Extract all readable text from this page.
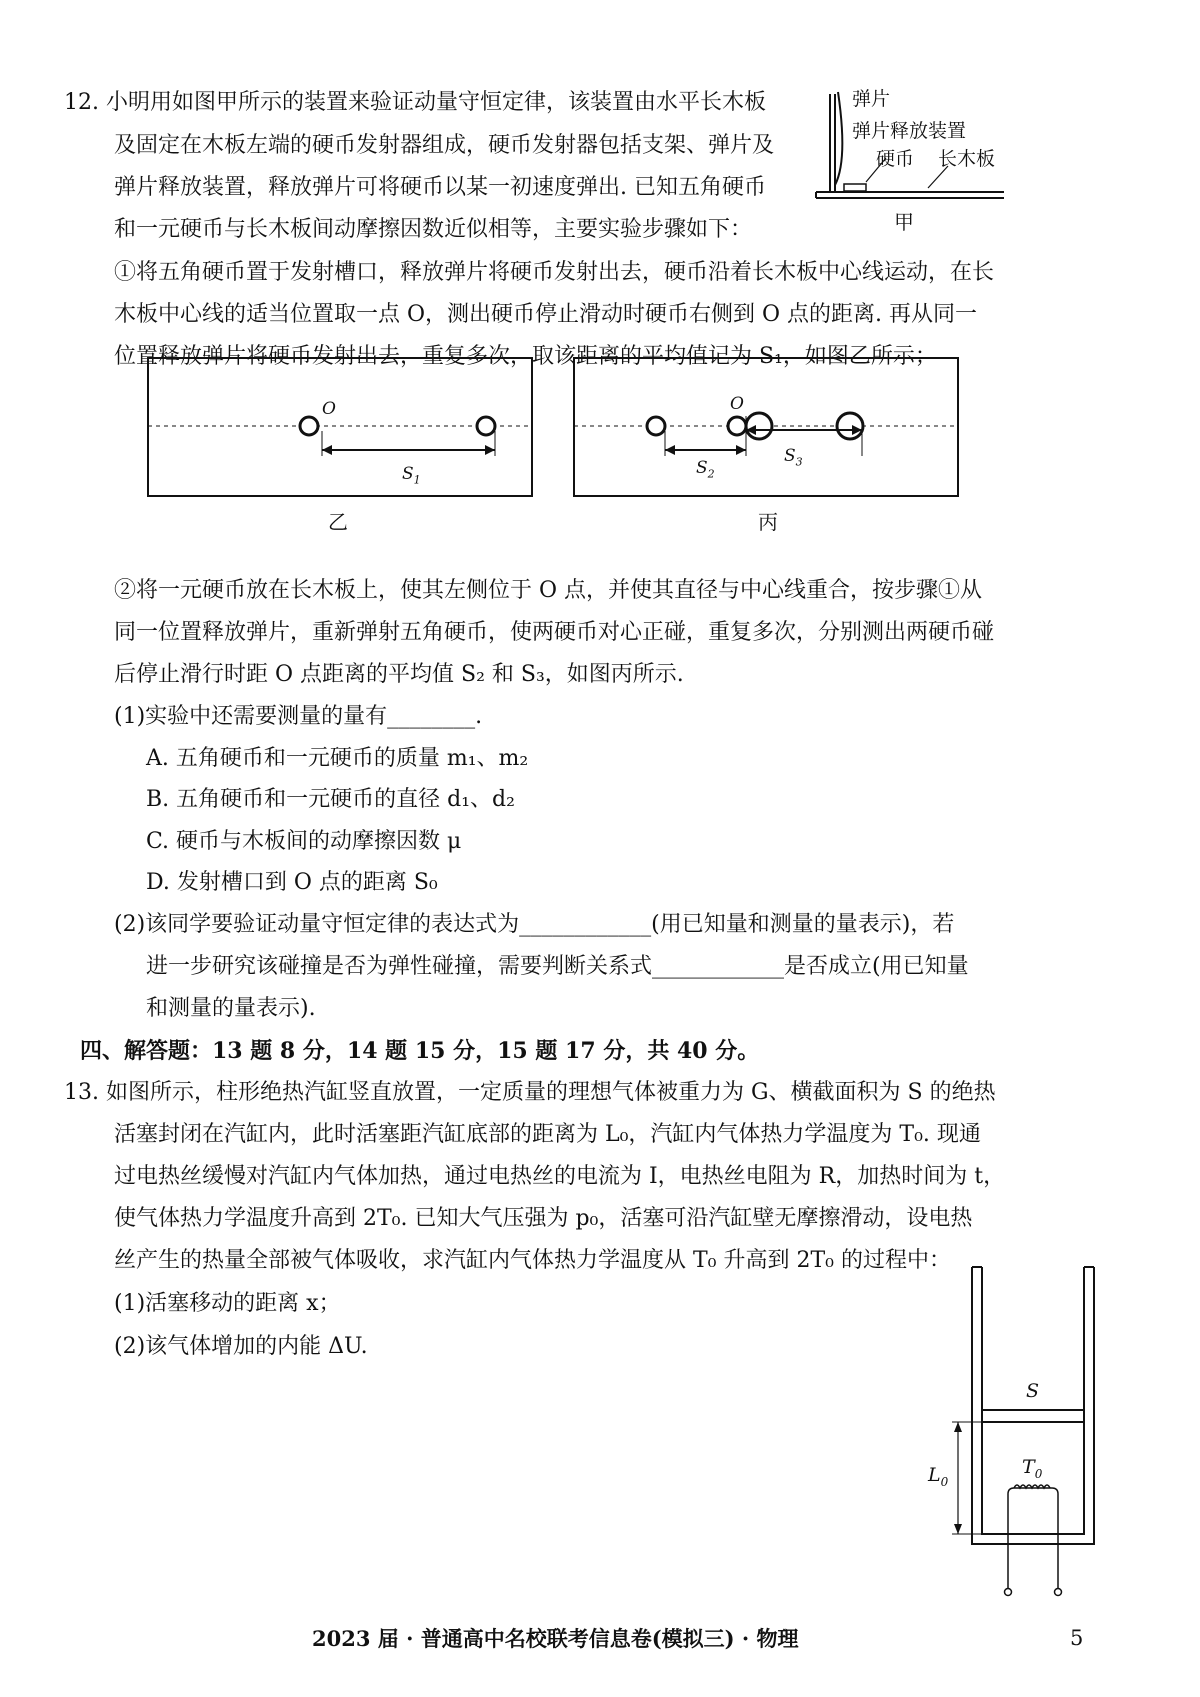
12. 小明用如图甲所示的装置来验证动量守恒定律，该装置由水平长木板
及固定在木板左端的硬币发射器组成，硬币发射器包括支架、弹片及
弹片释放装置，释放弹片可将硬币以某一初速度弹出. 已知五角硬币
和一元硬币与长木板间动摩擦因数近似相等，主要实验步骤如下：
①将五角硬币置于发射槽口，释放弹片将硬币发射出去，硬币沿着长木板中心线运动，在长
木板中心线的适当位置取一点 O，测出硬币停止滑动时硬币右侧到 O 点的距离. 再从同一
位置释放弹片将硬币发射出去，重复多次，取该距离的平均值记为 S₁，如图乙所示；
弹片
弹片释放装置
硬币 长木板
甲
O
$S_1$
乙
O
$S_2$
$S_3$
丙
②将一元硬币放在长木板上，使其左侧位于 O 点，并使其直径与中心线重合，按步骤①从
同一位置释放弹片，重新弹射五角硬币，使两硬币对心正碰，重复多次，分别测出两硬币碰
后停止滑行时距 O 点距离的平均值 S₂ 和 S₃，如图丙所示.
(1)实验中还需要测量的量有________.
A. 五角硬币和一元硬币的质量 m₁、m₂
B. 五角硬币和一元硬币的直径 d₁、d₂
C. 硬币与木板间的动摩擦因数 μ
D. 发射槽口到 O 点的距离 S₀
(2)该同学要验证动量守恒定律的表达式为____________(用已知量和测量的量表示)，若
进一步研究该碰撞是否为弹性碰撞，需要判断关系式____________是否成立(用已知量
和测量的量表示).
四、解答题：13 题 8 分，14 题 15 分，15 题 17 分，共 40 分。
13. 如图所示，柱形绝热汽缸竖直放置，一定质量的理想气体被重力为 G、横截面积为 S 的绝热
活塞封闭在汽缸内，此时活塞距汽缸底部的距离为 L₀，汽缸内气体热力学温度为 T₀. 现通
过电热丝缓慢对汽缸内气体加热，通过电热丝的电流为 I，电热丝电阻为 R，加热时间为 t，
使气体热力学温度升高到 2T₀. 已知大气压强为 p₀，活塞可沿汽缸壁无摩擦滑动，设电热
丝产生的热量全部被气体吸收，求汽缸内气体热力学温度从 T₀ 升高到 2T₀ 的过程中：
(1)活塞移动的距离 x；
(2)该气体增加的内能 ΔU.
S
$L_0$
$T_0$
2023 届 · 普通高中名校联考信息卷(模拟三) · 物理	5
